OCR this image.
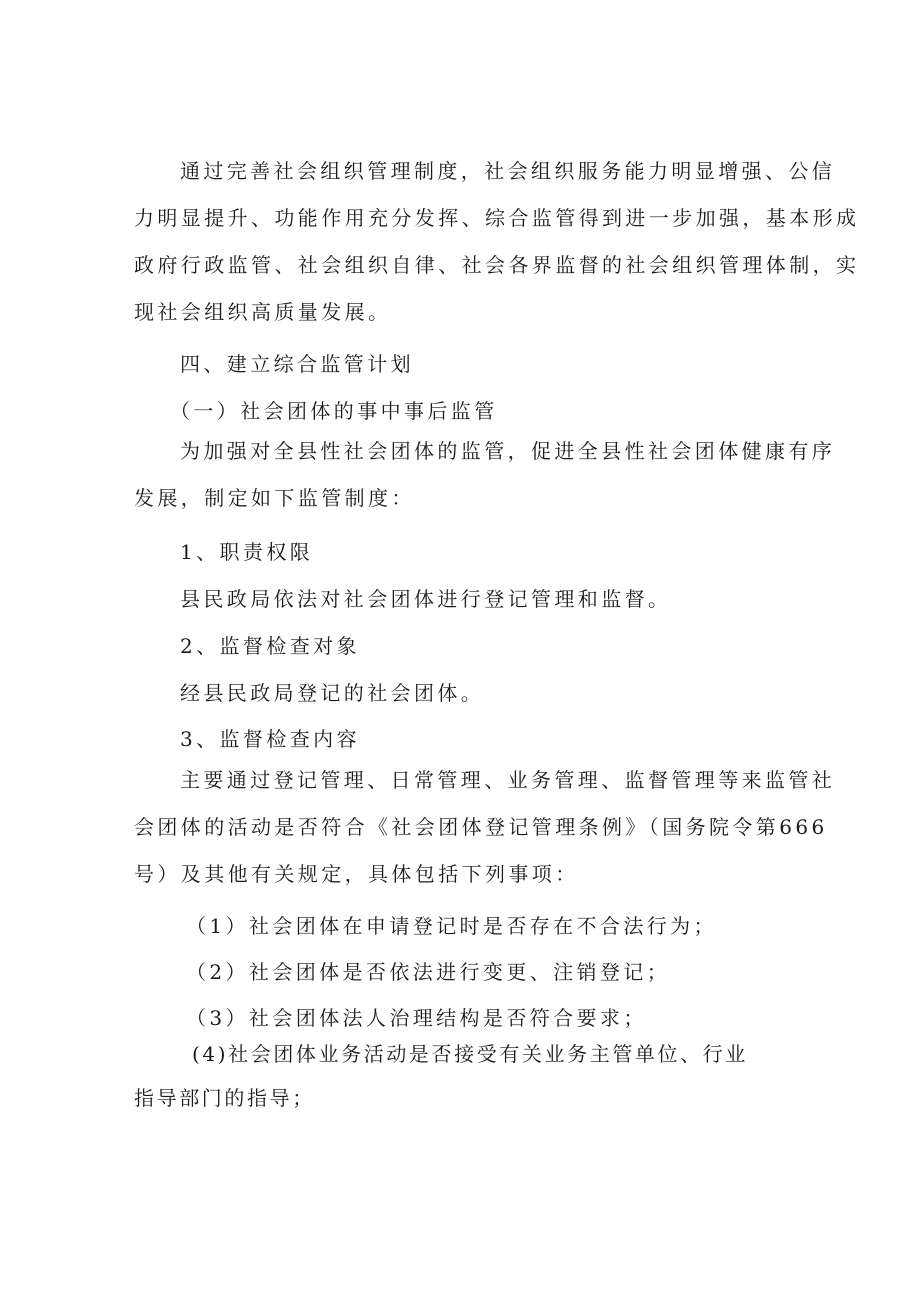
通过完善社会组织管理制度，社会组织服务能力明显增强、公信
力明显提升、功能作用充分发挥、综合监管得到进一步加强，基本形成
政府行政监管、社会组织自律、社会各界监督的社会组织管理体制，实
现社会组织高质量发展。

四、建立综合监管计划

（一）社会团体的事中事后监管

为加强对全县性社会团体的监管，促进全县性社会团体健康有序
发展，制定如下监管制度：

1、职责权限

县民政局依法对社会团体进行登记管理和监督。

2、监督检查对象

经县民政局登记的社会团体。

3、监督检查内容

主要通过登记管理、日常管理、业务管理、监督管理等来监管社
会团体的活动是否符合《社会团体登记管理条例》（国务院令第666
号）及其他有关规定，具体包括下列事项：

（1）社会团体在申请登记时是否存在不合法行为；

（2）社会团体是否依法进行变更、注销登记；

（3）社会团体法人治理结构是否符合要求；

(4)社会团体业务活动是否接受有关业务主管单位、行业

指导部门的指导；
